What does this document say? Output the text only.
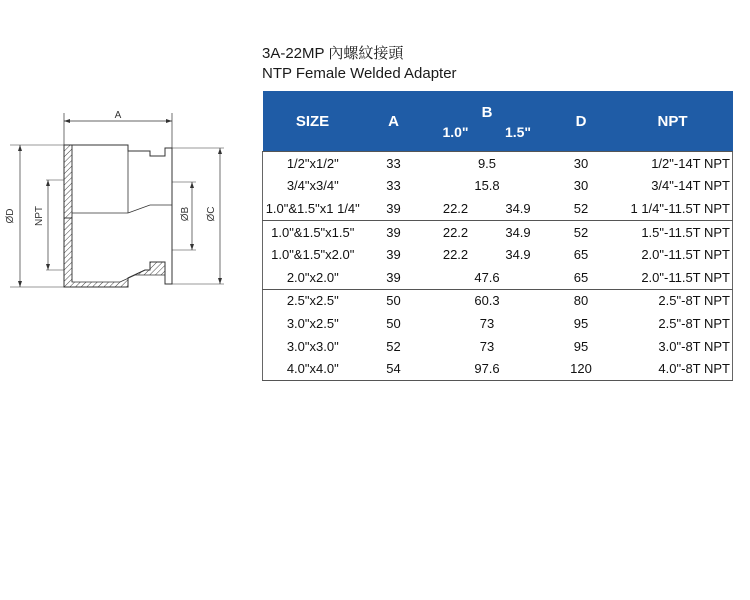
3A-22MP 內螺紋接頭
NTP Female Welded Adapter
A
ØD NPT	ØB ØC
SIZE	A	B		D	NPT
		1.0"	1.5"		
1/2"x1/2"	33	9.5		30	1/2"-14T NPT
3/4"x3/4"	33	15.8		30	3/4"-14T NPT
1.0"&1.5"x1 1/4"	39	22.2	34.9	52	1 1/4"-11.5T NPT
1.0"&1.5"x1.5"	39	22.2	34.9	52	1.5"-11.5T NPT
1.0"&1.5"x2.0"	39	22.2	34.9	65	2.0"-11.5T NPT
2.0"x2.0"	39	47.6		65	2.0"-11.5T NPT
2.5"x2.5"	50	60.3		80	2.5"-8T NPT
3.0"x2.5"	50	73		95	2.5"-8T NPT
3.0"x3.0"	52	73		95	3.0"-8T NPT
4.0"x4.0"	54	97.6		120	4.0"-8T NPT
